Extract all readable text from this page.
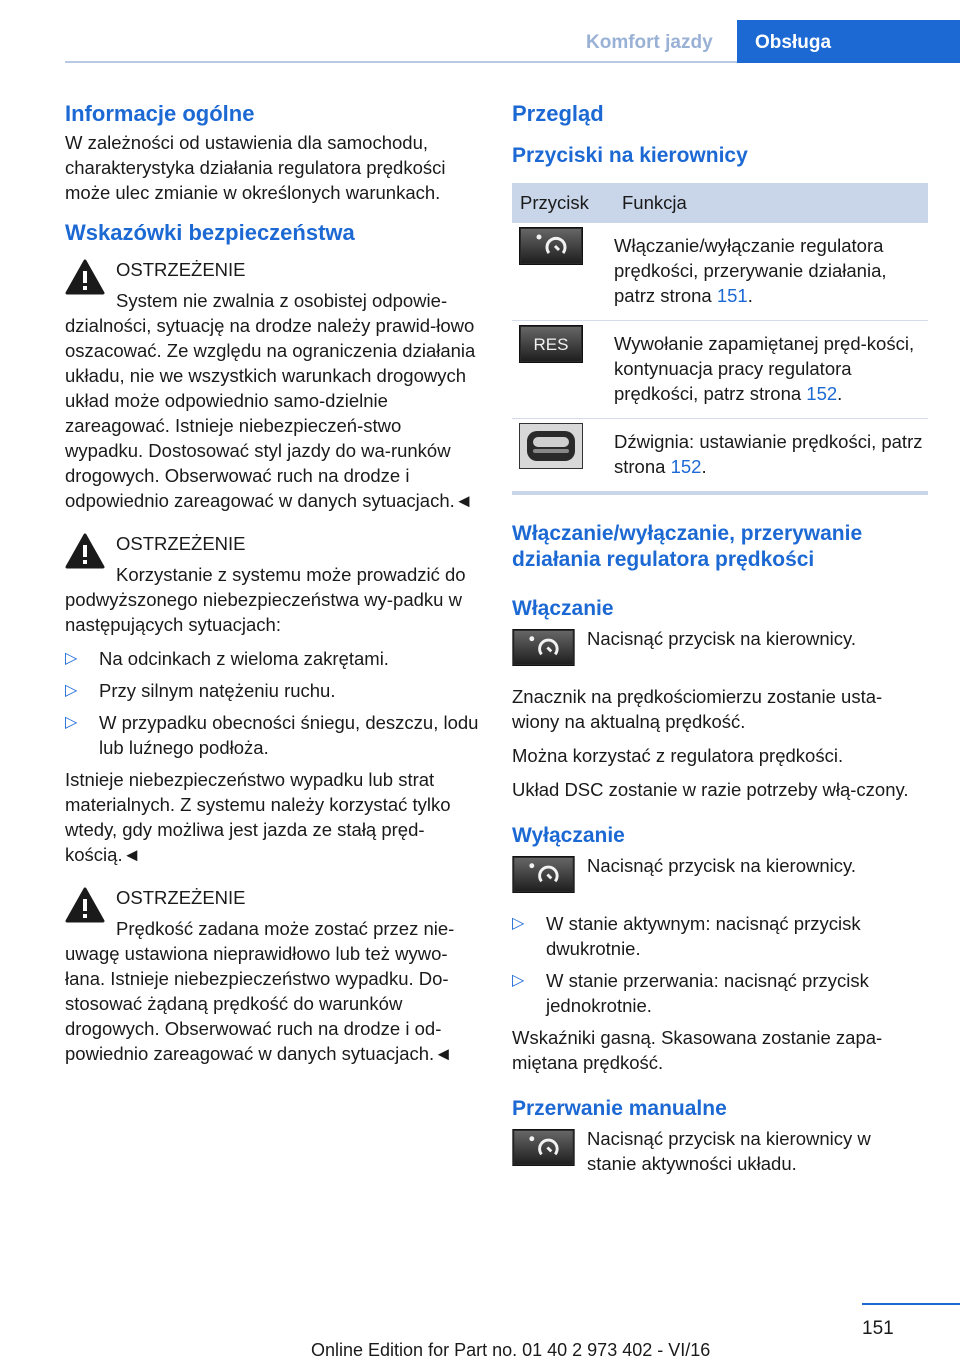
Komfort jazdy	Obsługa
Informacje ogólne

W zależności od ustawienia dla samochodu, charakterystyka działania regulatora prędkości może ulec zmianie w określonych warunkach.

Wskazówki bezpieczeństwa
OSTRZEŻENIE

System nie zwalnia z osobistej odpowie-dzialności, sytuację na drodze należy prawid-łowo oszacować. Ze względu na ograniczenia działania układu, nie we wszystkich warunkach drogowych układ może odpowiednio samo-dzielnie zareagować. Istnieje niebezpieczeń-stwo wypadku. Dostosować styl jazdy do wa-runków drogowych. Obserwować ruch na drodze i odpowiednio zareagować w danych sytuacjach.◄

OSTRZEŻENIE

Korzystanie z systemu może prowadzić do podwyższonego niebezpieczeństwa wy-padku w następujących sytuacjach:

▷ Na odcinkach z wieloma zakrętami.
▷ Przy silnym natężeniu ruchu.
▷ W przypadku obecności śniegu, deszczu, lodu lub luźnego podłoża.

Istnieje niebezpieczeństwo wypadku lub strat materialnych. Z systemu należy korzystać tylko wtedy, gdy możliwa jest jazda ze stałą pręd-kością.◄

OSTRZEŻENIE

Prędkość zadana może zostać przez nie-uwagę ustawiona nieprawidłowo lub też wywo-łana. Istnieje niebezpieczeństwo wypadku. Do-stosować żądaną prędkość do warunków drogowych. Obserwować ruch na drodze i od-powiednio zareagować w danych sytuacjach.◄

Przegląd
Przyciski na kierownicy
Przycisk	Funkcja

	Włączanie/wyłączanie regulatora prędkości, przerywanie działania, patrz strona 151.

RES	Wywołanie zapamiętanej pręd-kości, kontynuacja pracy regulatora prędkości, patrz strona 152.

	Dźwignia: ustawianie prędkości, patrz strona 152.
Włączanie/wyłączanie, przerywanie działania regulatora prędkości
Włączanie
Nacisnąć przycisk na kierownicy.

Znacznik na prędkościomierzu zostanie usta-wiony na aktualną prędkość.

Można korzystać z regulatora prędkości.

Układ DSC zostanie w razie potrzeby włą-czony.

Wyłączanie
Nacisnąć przycisk na kierownicy.
▷ W stanie aktywnym: nacisnąć przycisk dwukrotnie.
▷ W stanie przerwania: nacisnąć przycisk jednokrotnie.

Wskaźniki gasną. Skasowana zostanie zapa-miętana prędkość.

Przerwanie manualne
Nacisnąć przycisk na kierownicy w stanie aktywności układu.
151
Online Edition for Part no. 01 40 2 973 402 - VI/16
